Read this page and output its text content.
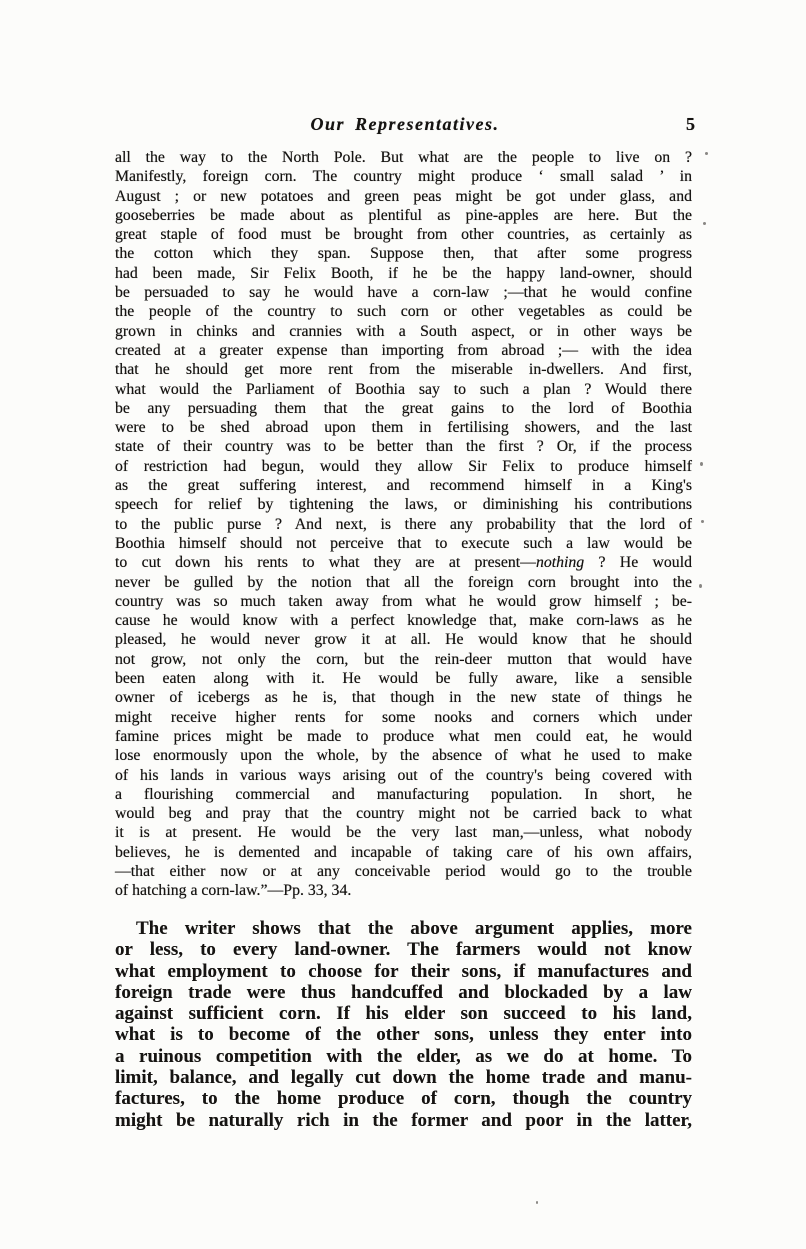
Our Representatives.	5
all the way to the North Pole. But what are the people to live on ?
Manifestly, foreign corn. The country might produce ‘ small salad ’ in
August ; or new potatoes and green peas might be got under glass, and
gooseberries be made about as plentiful as pine-apples are here. But the
great staple of food must be brought from other countries, as certainly as
the cotton which they span. Suppose then, that after some progress
had been made, Sir Felix Booth, if he be the happy land-owner, should
be persuaded to say he would have a corn-law ;—that he would confine
the people of the country to such corn or other vegetables as could be
grown in chinks and crannies with a South aspect, or in other ways be
created at a greater expense than importing from abroad ;— with the idea
that he should get more rent from the miserable in-dwellers. And first,
what would the Parliament of Boothia say to such a plan ? Would there
be any persuading them that the great gains to the lord of Boothia
were to be shed abroad upon them in fertilising showers, and the last
state of their country was to be better than the first ? Or, if the process
of restriction had begun, would they allow Sir Felix to produce himself
as the great suffering interest, and recommend himself in a King's
speech for relief by tightening the laws, or diminishing his contributions
to the public purse ? And next, is there any probability that the lord of
Boothia himself should not perceive that to execute such a law would be
to cut down his rents to what they are at present—nothing ? He would
never be gulled by the notion that all the foreign corn brought into the
country was so much taken away from what he would grow himself ; be-
cause he would know with a perfect knowledge that, make corn-laws as he
pleased, he would never grow it at all. He would know that he should
not grow, not only the corn, but the rein-deer mutton that would have
been eaten along with it. He would be fully aware, like a sensible
owner of icebergs as he is, that though in the new state of things he
might receive higher rents for some nooks and corners which under
famine prices might be made to produce what men could eat, he would
lose enormously upon the whole, by the absence of what he used to make
of his lands in various ways arising out of the country's being covered with
a flourishing commercial and manufacturing population. In short, he
would beg and pray that the country might not be carried back to what
it is at present. He would be the very last man,—unless, what nobody
believes, he is demented and incapable of taking care of his own affairs,
—that either now or at any conceivable period would go to the trouble
of hatching a corn-law.”—Pp. 33, 34.
The writer shows that the above argument applies, more
or less, to every land-owner. The farmers would not know
what employment to choose for their sons, if manufactures and
foreign trade were thus handcuffed and blockaded by a law
against sufficient corn. If his elder son succeed to his land,
what is to become of the other sons, unless they enter into
a ruinous competition with the elder, as we do at home. To
limit, balance, and legally cut down the home trade and manu-
factures, to the home produce of corn, though the country
might be naturally rich in the former and poor in the latter,
